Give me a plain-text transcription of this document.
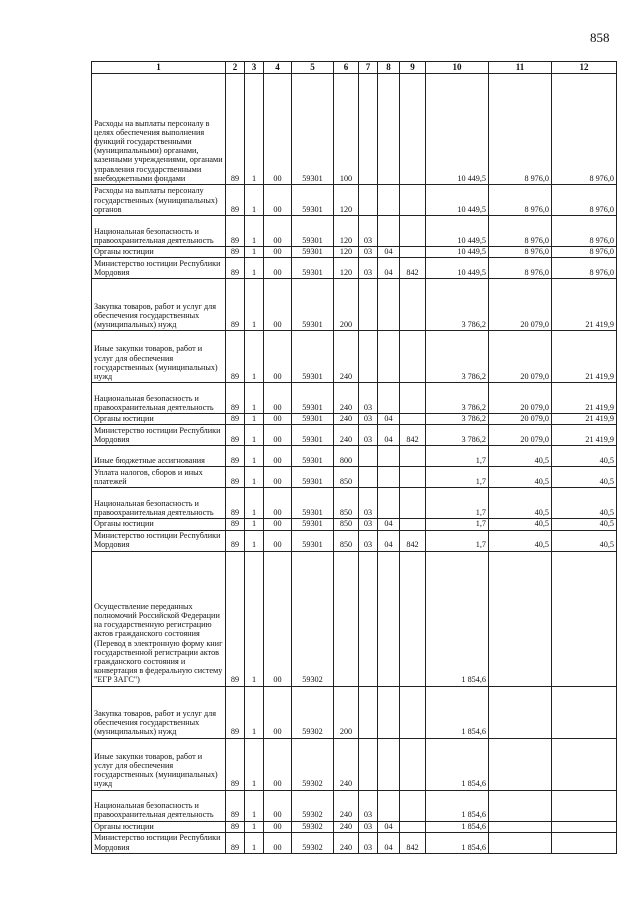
858
1	2	3	4	5	6	7	8	9	10	11	12
Расходы на выплаты персоналу в целях обеспечения выполнения функций государственными (муниципальными) органами, казенными учреждениями, органами управления государственными внебюджетными фондами	89	1	00	59301	100				10 449,5	8 976,0	8 976,0
Расходы на выплаты персоналу государственных (муниципальных) органов	89	1	00	59301	120				10 449,5	8 976,0	8 976,0
Национальная безопасность и правоохранительная деятельность	89	1	00	59301	120	03			10 449,5	8 976,0	8 976,0
Органы юстиции	89	1	00	59301	120	03	04		10 449,5	8 976,0	8 976,0
Министерство юстиции Республики Мордовия	89	1	00	59301	120	03	04	842	10 449,5	8 976,0	8 976,0
Закупка товаров, работ и услуг для обеспечения государственных (муниципальных) нужд	89	1	00	59301	200				3 786,2	20 079,0	21 419,9
Иные закупки товаров, работ и услуг для обеспечения государственных (муниципальных) нужд	89	1	00	59301	240				3 786,2	20 079,0	21 419,9
Национальная безопасность и правоохранительная деятельность	89	1	00	59301	240	03			3 786,2	20 079,0	21 419,9
Органы юстиции	89	1	00	59301	240	03	04		3 786,2	20 079,0	21 419,9
Министерство юстиции Республики Мордовия	89	1	00	59301	240	03	04	842	3 786,2	20 079,0	21 419,9
Иные бюджетные ассигнования	89	1	00	59301	800				1,7	40,5	40,5
Уплата налогов, сборов и иных платежей	89	1	00	59301	850				1,7	40,5	40,5
Национальная безопасность и правоохранительная деятельность	89	1	00	59301	850	03			1,7	40,5	40,5
Органы юстиции	89	1	00	59301	850	03	04		1,7	40,5	40,5
Министерство юстиции Республики Мордовия	89	1	00	59301	850	03	04	842	1,7	40,5	40,5
Осуществление переданных полномочий Российской Федерации на государственную регистрацию актов гражданского состояния (Перевод в электронную форму книг государственной регистрации актов гражданского состояния и конвертация в федеральную систему "ЕГР ЗАГС")	89	1	00	59302					1 854,6		
Закупка товаров, работ и услуг для обеспечения государственных (муниципальных) нужд	89	1	00	59302	200				1 854,6		
Иные закупки товаров, работ и услуг для обеспечения государственных (муниципальных) нужд	89	1	00	59302	240				1 854,6		
Национальная безопасность и правоохранительная деятельность	89	1	00	59302	240	03			1 854,6		
Органы юстиции	89	1	00	59302	240	03	04		1 854,6		
Министерство юстиции Республики Мордовия	89	1	00	59302	240	03	04	842	1 854,6		
